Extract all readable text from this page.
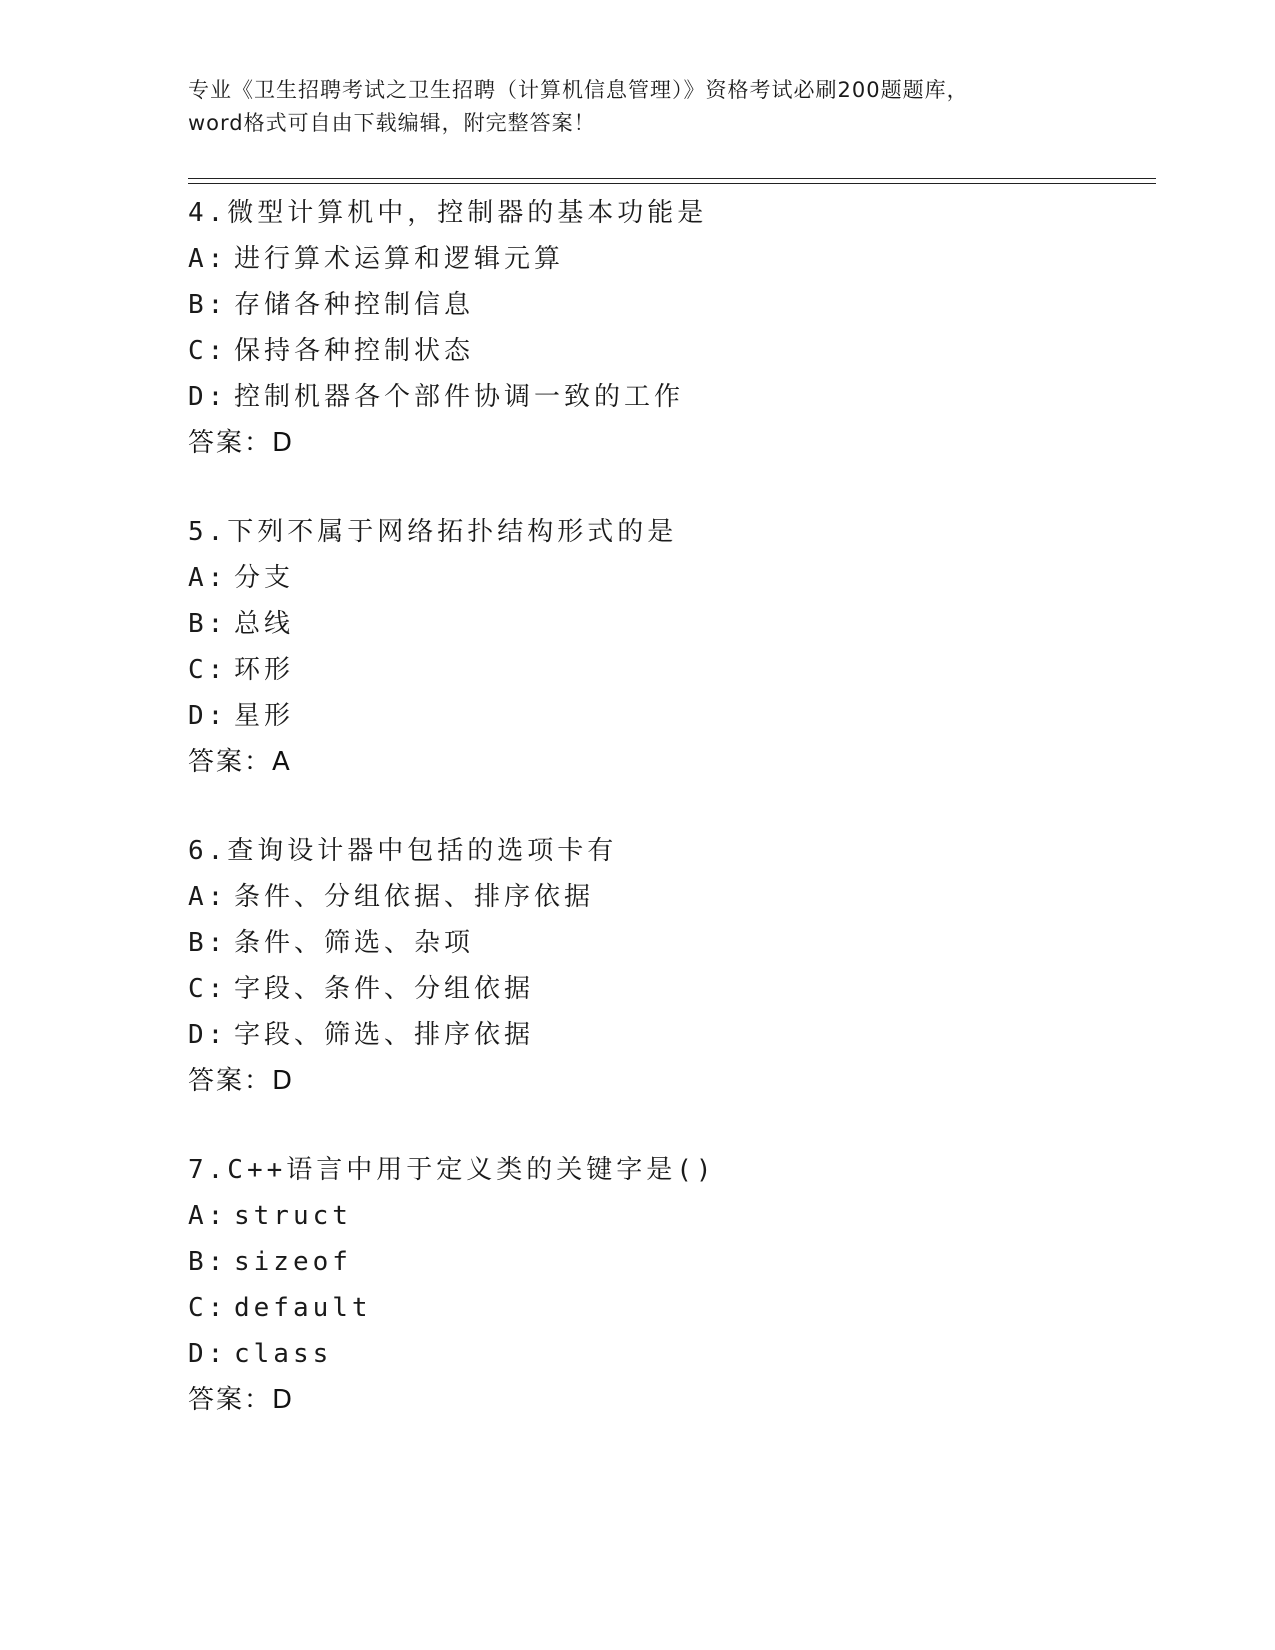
专业《卫生招聘考试之卫生招聘（计算机信息管理）》资格考试必刷200题题库，
word格式可自由下载编辑，附完整答案！
4.微型计算机中，控制器的基本功能是
A: 进行算术运算和逻辑元算
B: 存储各种控制信息
C: 保持各种控制状态
D: 控制机器各个部件协调一致的工作
答案：D
5.下列不属于网络拓扑结构形式的是
A: 分支
B: 总线
C: 环形
D: 星形
答案：A
6.查询设计器中包括的选项卡有
A: 条件、分组依据、排序依据
B: 条件、筛选、杂项
C: 字段、条件、分组依据
D: 字段、筛选、排序依据
答案：D
7.C++语言中用于定义类的关键字是()
A: struct
B: sizeof
C: default
D: class
答案：D
